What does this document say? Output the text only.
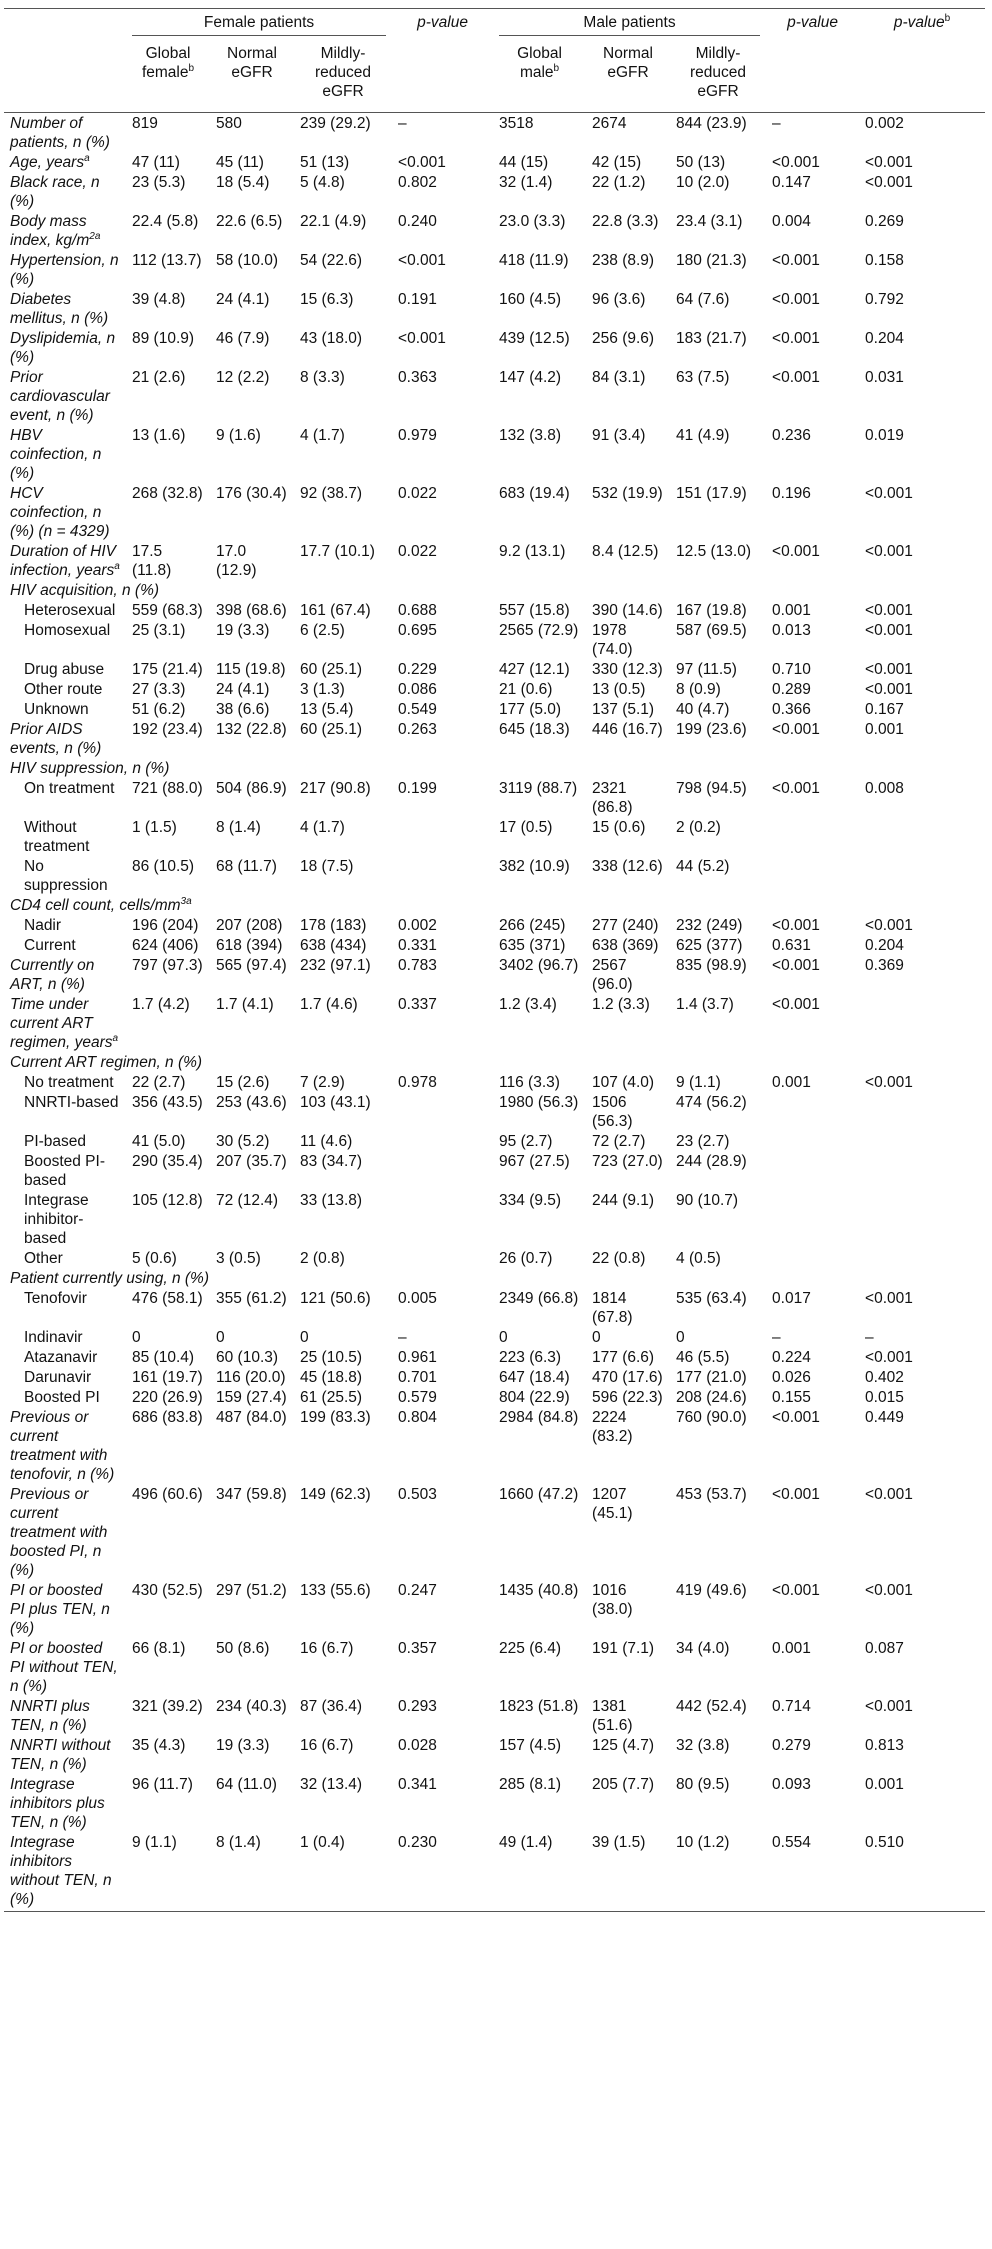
	Female patients			p-value	Male patients			p-value	p-value$^b$
	Global female$^b$	Normal eGFR	Mildly-reduced eGFR		Global male$^b$	Normal eGFR	Mildly-reduced eGFR		
Number of patients, n (%)	819	580	239 (29.2)	–	3518	2674	844 (23.9)	–	0.002
Age, years$^a$	47 (11)	45 (11)	51 (13)	<0.001	44 (15)	42 (15)	50 (13)	<0.001	<0.001
Black race, n (%)	23 (5.3)	18 (5.4)	5 (4.8)	0.802	32 (1.4)	22 (1.2)	10 (2.0)	0.147	<0.001
Body mass index, $kg/m^{2a}$	22.4 (5.8)	22.6 (6.5)	22.1 (4.9)	0.240	23.0 (3.3)	22.8 (3.3)	23.4 (3.1)	0.004	0.269
Hypertension, n (%)	112 (13.7)	58 (10.0)	54 (22.6)	<0.001	418 (11.9)	238 (8.9)	180 (21.3)	<0.001	0.158
Diabetes mellitus, n (%)	39 (4.8)	24 (4.1)	15 (6.3)	0.191	160 (4.5)	96 (3.6)	64 (7.6)	<0.001	0.792
Dyslipidemia, n (%)	89 (10.9)	46 (7.9)	43 (18.0)	<0.001	439 (12.5)	256 (9.6)	183 (21.7)	<0.001	0.204
Prior cardiovascular event, n (%)	21 (2.6)	12 (2.2)	8 (3.3)	0.363	147 (4.2)	84 (3.1)	63 (7.5)	<0.001	0.031
HBV coinfection, n (%)	13 (1.6)	9 (1.6)	4 (1.7)	0.979	132 (3.8)	91 (3.4)	41 (4.9)	0.236	0.019
HCV coinfection, n (%) (n = 4329)	268 (32.8)	176 (30.4)	92 (38.7)	0.022	683 (19.4)	532 (19.9)	151 (17.9)	0.196	<0.001
Duration of HIV infection, years$^a$	17.5 (11.8)	17.0 (12.9)	17.7 (10.1)	0.022	9.2 (13.1)	8.4 (12.5)	12.5 (13.0)	<0.001	<0.001
HIV acquisition, n (%)									
Heterosexual	559 (68.3)	398 (68.6)	161 (67.4)	0.688	557 (15.8)	390 (14.6)	167 (19.8)	0.001	<0.001
Homosexual	25 (3.1)	19 (3.3)	6 (2.5)	0.695	2565 (72.9)	1978 (74.0)	587 (69.5)	0.013	<0.001
Drug abuse	175 (21.4)	115 (19.8)	60 (25.1)	0.229	427 (12.1)	330 (12.3)	97 (11.5)	0.710	<0.001
Other route	27 (3.3)	24 (4.1)	3 (1.3)	0.086	21 (0.6)	13 (0.5)	8 (0.9)	0.289	<0.001
Unknown	51 (6.2)	38 (6.6)	13 (5.4)	0.549	177 (5.0)	137 (5.1)	40 (4.7)	0.366	0.167
Prior AIDS events, n (%)	192 (23.4)	132 (22.8)	60 (25.1)	0.263	645 (18.3)	446 (16.7)	199 (23.6)	<0.001	0.001
HIV suppression, n (%)									
On treatment	721 (88.0)	504 (86.9)	217 (90.8)	0.199	3119 (88.7)	2321 (86.8)	798 (94.5)	<0.001	0.008
Without treatment	1 (1.5)	8 (1.4)	4 (1.7)		17 (0.5)	15 (0.6)	2 (0.2)		
No suppression	86 (10.5)	68 (11.7)	18 (7.5)		382 (10.9)	338 (12.6)	44 (5.2)		
CD4 cell count, cells/$mm^{3a}$
Nadir	196 (204)	207 (208)	178 (183)	0.002	266 (245)	277 (240)	232 (249)	<0.001	<0.001
Current	624 (406)	618 (394)	638 (434)	0.331	635 (371)	638 (369)	625 (377)	0.631	0.204
Currently on ART, n (%)	797 (97.3)	565 (97.4)	232 (97.1)	0.783	3402 (96.7)	2567 (96.0)	835 (98.9)	<0.001	0.369
Time under current ART regimen, years$^a$	1.7 (4.2)	1.7 (4.1)	1.7 (4.6)	0.337	1.2 (3.4)	1.2 (3.3)	1.4 (3.7)	<0.001	
Current ART regimen, n (%)									
No treatment	22 (2.7)	15 (2.6)	7 (2.9)	0.978	116 (3.3)	107 (4.0)	9 (1.1)	0.001	<0.001
NNRTI-based	356 (43.5)	253 (43.6)	103 (43.1)		1980 (56.3)	1506 (56.3)	474 (56.2)		
PI-based	41 (5.0)	30 (5.2)	11 (4.6)		95 (2.7)	72 (2.7)	23 (2.7)		
Boosted PI-based	290 (35.4)	207 (35.7)	83 (34.7)		967 (27.5)	723 (27.0)	244 (28.9)		
Integrase inhibitor-based	105 (12.8)	72 (12.4)	33 (13.8)		334 (9.5)	244 (9.1)	90 (10.7)		
Other	5 (0.6)	3 (0.5)	2 (0.8)		26 (0.7)	22 (0.8)	4 (0.5)		
Patient currently using, n (%)									
Tenofovir	476 (58.1)	355 (61.2)	121 (50.6)	0.005	2349 (66.8)	1814 (67.8)	535 (63.4)	0.017	<0.001
Indinavir	0	0	0	–	0	0	0	–	–
Atazanavir	85 (10.4)	60 (10.3)	25 (10.5)	0.961	223 (6.3)	177 (6.6)	46 (5.5)	0.224	<0.001
Darunavir	161 (19.7)	116 (20.0)	45 (18.8)	0.701	647 (18.4)	470 (17.6)	177 (21.0)	0.026	0.402
Boosted PI	220 (26.9)	159 (27.4)	61 (25.5)	0.579	804 (22.9)	596 (22.3)	208 (24.6)	0.155	0.015
Previous or current treatment with tenofovir, n (%)	686 (83.8)	487 (84.0)	199 (83.3)	0.804	2984 (84.8)	2224 (83.2)	760 (90.0)	<0.001	0.449
Previous or current treatment with boosted PI, n (%)	496 (60.6)	347 (59.8)	149 (62.3)	0.503	1660 (47.2)	1207 (45.1)	453 (53.7)	<0.001	<0.001
PI or boosted PI plus TEN, n (%)	430 (52.5)	297 (51.2)	133 (55.6)	0.247	1435 (40.8)	1016 (38.0)	419 (49.6)	<0.001	<0.001
PI or boosted PI without TEN, n (%)	66 (8.1)	50 (8.6)	16 (6.7)	0.357	225 (6.4)	191 (7.1)	34 (4.0)	0.001	0.087
NNRTI plus TEN, n (%)	321 (39.2)	234 (40.3)	87 (36.4)	0.293	1823 (51.8)	1381 (51.6)	442 (52.4)	0.714	<0.001
NNRTI without TEN, n (%)	35 (4.3)	19 (3.3)	16 (6.7)	0.028	157 (4.5)	125 (4.7)	32 (3.8)	0.279	0.813
Integrase inhibitors plus TEN, n (%)	96 (11.7)	64 (11.0)	32 (13.4)	0.341	285 (8.1)	205 (7.7)	80 (9.5)	0.093	0.001
Integrase inhibitors without TEN, n (%)	9 (1.1)	8 (1.4)	1 (0.4)	0.230	49 (1.4)	39 (1.5)	10 (1.2)	0.554	0.510
